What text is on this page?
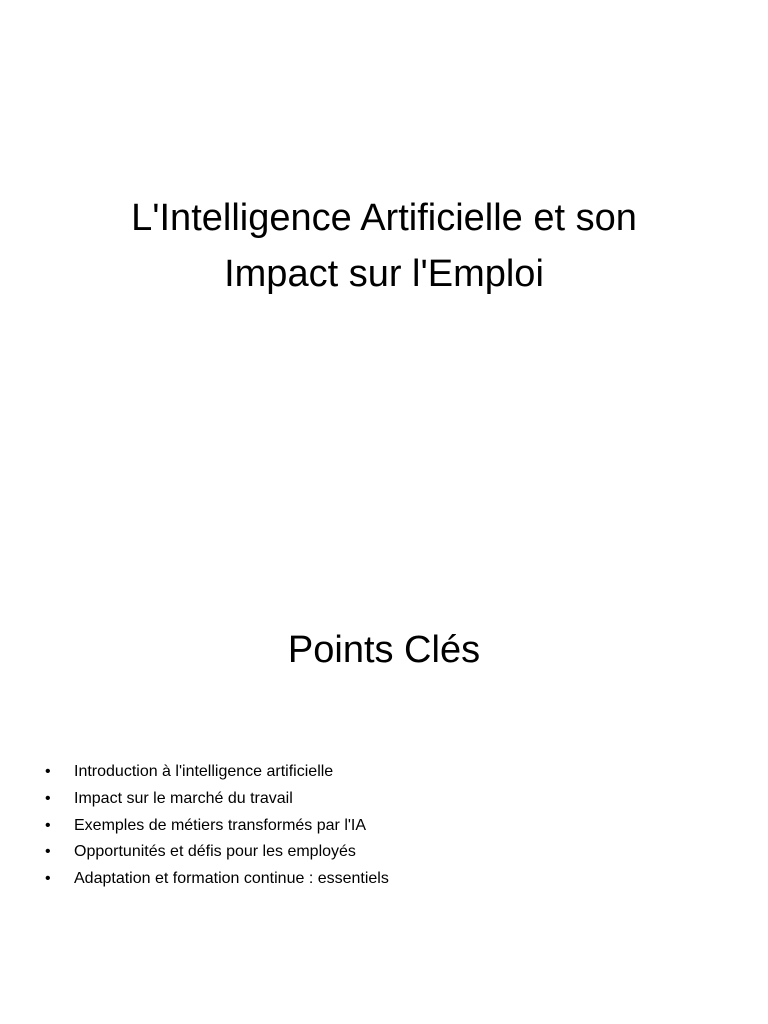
L'Intelligence Artificielle et son
Impact sur l'Emploi
Points Clés
• Introduction à l'intelligence artificielle
• Impact sur le marché du travail
• Exemples de métiers transformés par l'IA
• Opportunités et défis pour les employés
• Adaptation et formation continue : essentiels
